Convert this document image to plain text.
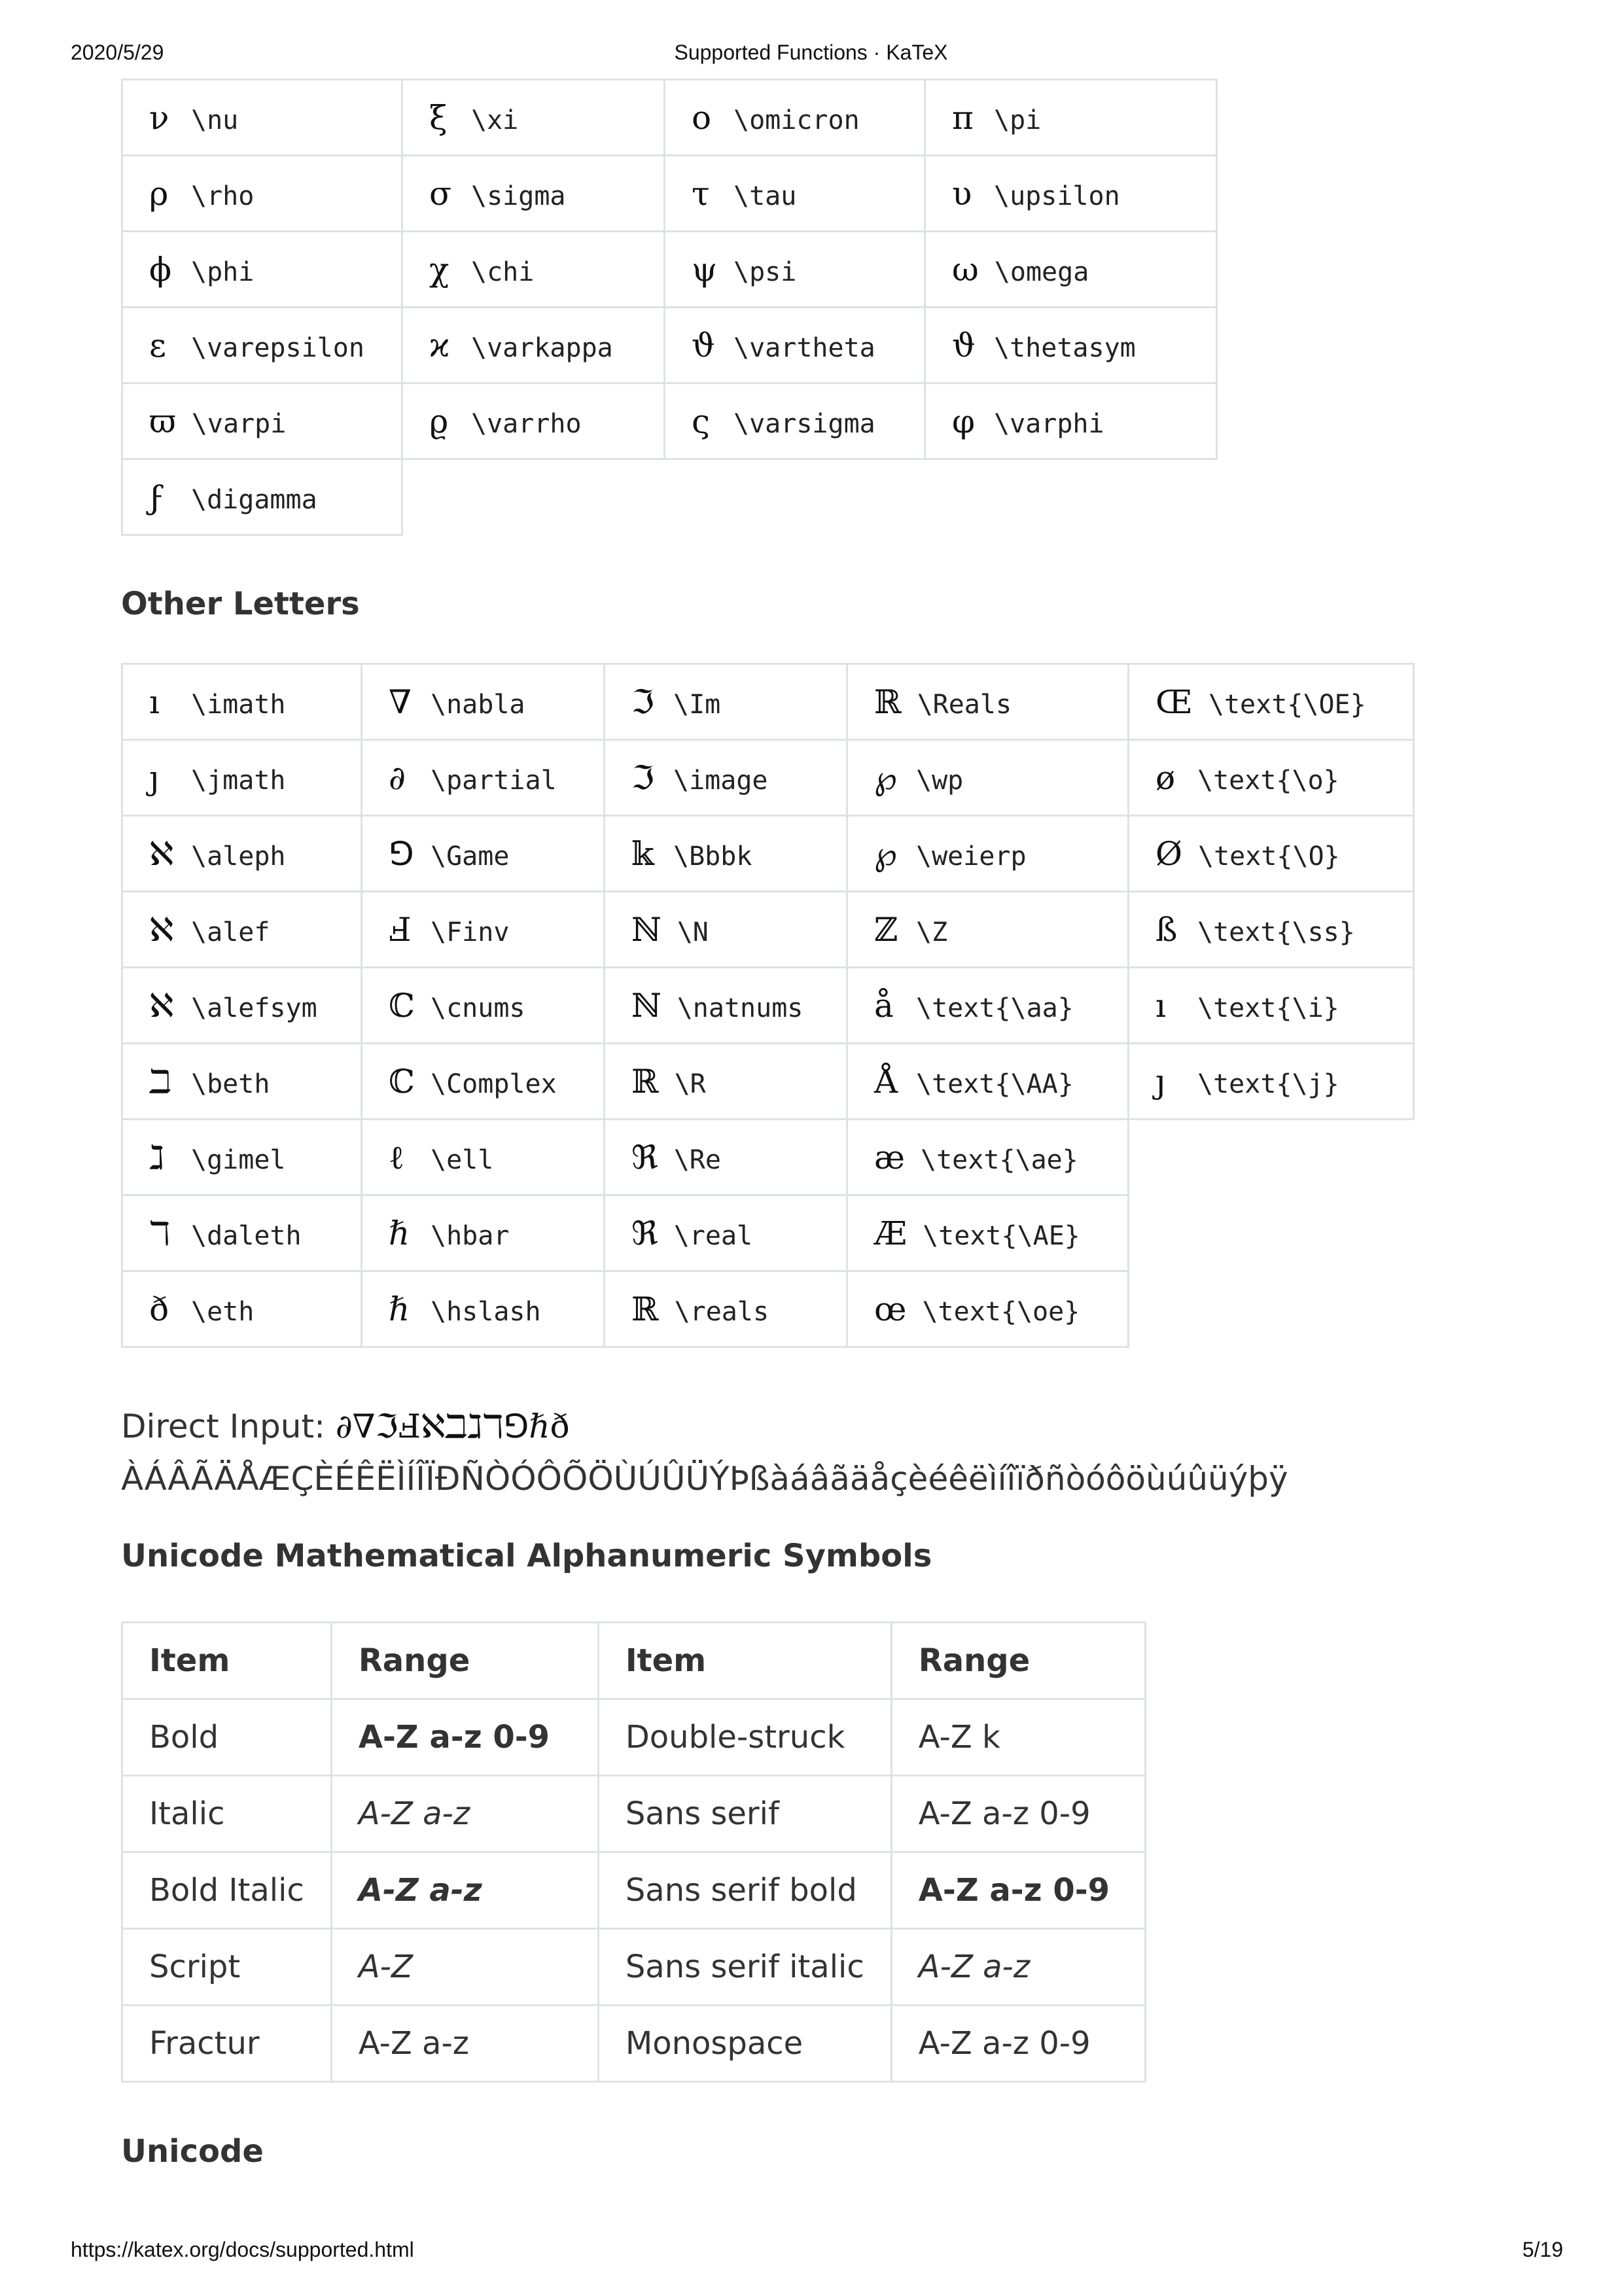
2020/5/29	Supported Functions · KaTeX
ν \nu	ξ \xi	ο \omicron	π \pi
ρ \rho	σ \sigma	τ \tau	υ \upsilon
ϕ \phi	χ \chi	ψ \psi	ω \omega
ε \varepsilon	ϰ \varkappa	ϑ \vartheta	ϑ \thetasym
ϖ \varpi	ϱ \varrho	ς \varsigma	φ \varphi
ϝ \digamma			
Other Letters
ı \imath	∇ \nabla	ℑ \Im	ℝ \Reals	Œ \text{\OE}
ȷ \jmath	∂ \partial	ℑ \image	℘ \wp	ø \text{\o}
ℵ \aleph	⅁ \Game	𝕜 \Bbbk	℘ \weierp	Ø \text{\O}
ℵ \alef	Ⅎ \Finv	ℕ \N	ℤ \Z	ß \text{\ss}
ℵ \alefsym	ℂ \cnums	ℕ \natnums	å \text{\aa}	ı \text{\i}
ℶ \beth	ℂ \Complex	ℝ \R	Å \text{\AA}	ȷ \text{\j}
ℷ \gimel	ℓ \ell	ℜ \Re	æ \text{\ae}	
ℸ \daleth	ℏ \hbar	ℜ \real	Æ \text{\AE}	
ð \eth	ℏ \hslash	ℝ \reals	œ \text{\oe}	
Direct Input: ∂∇ℑℲℵℶℷℸ⅁ℏð
ÀÁÂÃÄÅÆÇÈÉÊËÌÍÎÏÐÑÒÓÔÕÖÙÚÛÜÝÞßàáâãäåçèéêëìíîïðñòóôöùúûüýþÿ
Unicode Mathematical Alphanumeric Symbols
Item	Range	Item	Range
Bold	A-Z a-z 0-9	Double-struck	A-Z k
Italic	A-Z a-z	Sans serif	A-Z a-z 0-9
Bold Italic	A-Z a-z	Sans serif bold	A-Z a-z 0-9
Script	A-Z	Sans serif italic	A-Z a-z
Fractur	A-Z a-z	Monospace	A-Z a-z 0-9
Unicode
https://katex.org/docs/supported.html	5/19
